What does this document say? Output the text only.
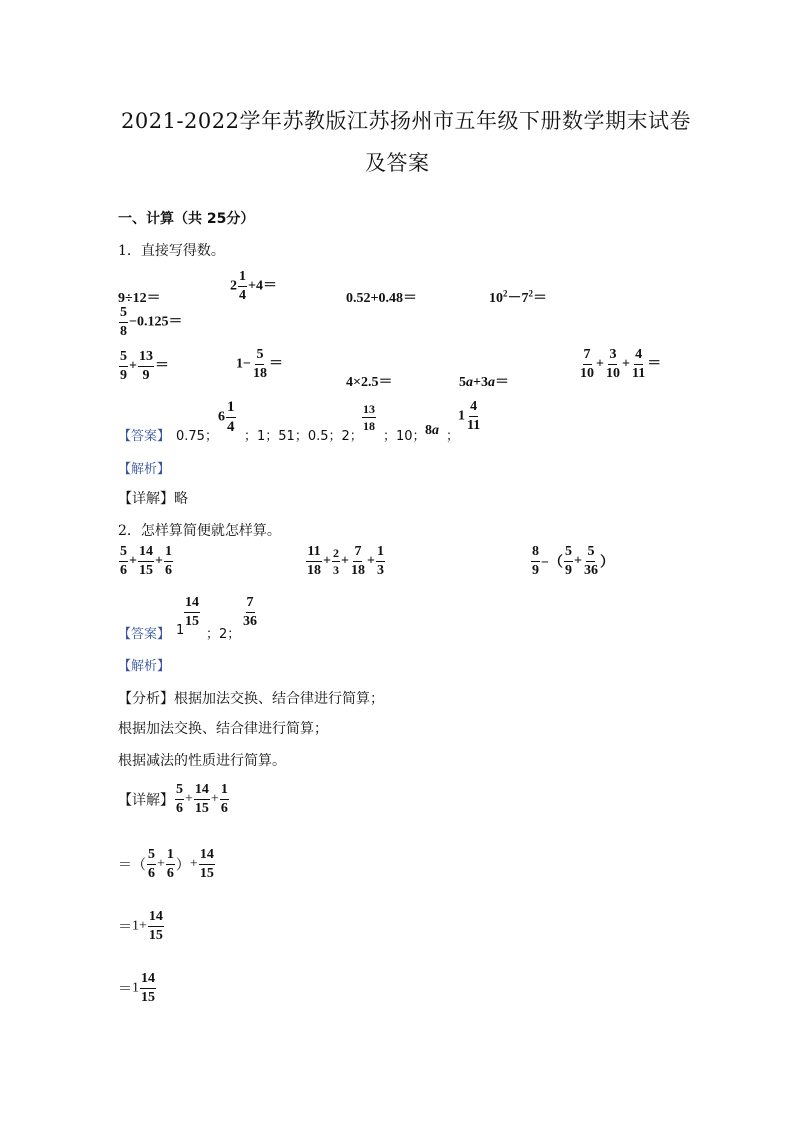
2021-2022学年苏教版江苏扬州市五年级下册数学期末试卷
及答案
一、计算（共 25分）
1．直接写得数。
9÷12＝
$2 \frac{1}{4} +4=$
0.52+0.48＝	$10^2-7^2=$
$\frac{5}{8} -0.125=$
$\frac{5}{9} + \frac{13}{9}$ ＝	$1- \frac{5}{18}$ ＝
4×2.5＝	5a+3a＝
$\frac{7}{10} + \frac{3}{10} + \frac{4}{11}$ ＝
【答案】 0.75；
$6 \frac{1}{4}$
；1；51；0.5；2；
$\frac{13}{18}$
；10； 8a ；
$1 \frac{4}{11}$
【解析】
【详解】略
2．怎样算简便就怎样算。
$\frac{5}{6} + \frac{14}{15} + \frac{1}{6}$	$\frac{11}{18} + \frac{2}{3} + \frac{7}{18} + \frac{1}{3}$	$\frac{8}{9}$ −（ $\frac{5}{9} + \frac{5}{36}$ ）
【答案】 1
$\frac{14}{15}$
；2；
$\frac{7}{36}$
【解析】
【分析】根据加法交换、结合律进行简算；
根据加法交换、结合律进行简算；
根据减法的性质进行简算。
【详解】 $\frac{5}{6} + \frac{14}{15} + \frac{1}{6}$
＝（ $\frac{5}{6} + \frac{1}{6}$ ）+ $\frac{14}{15}$
$=1+ \frac{14}{15}$
$=1 \frac{14}{15}$
